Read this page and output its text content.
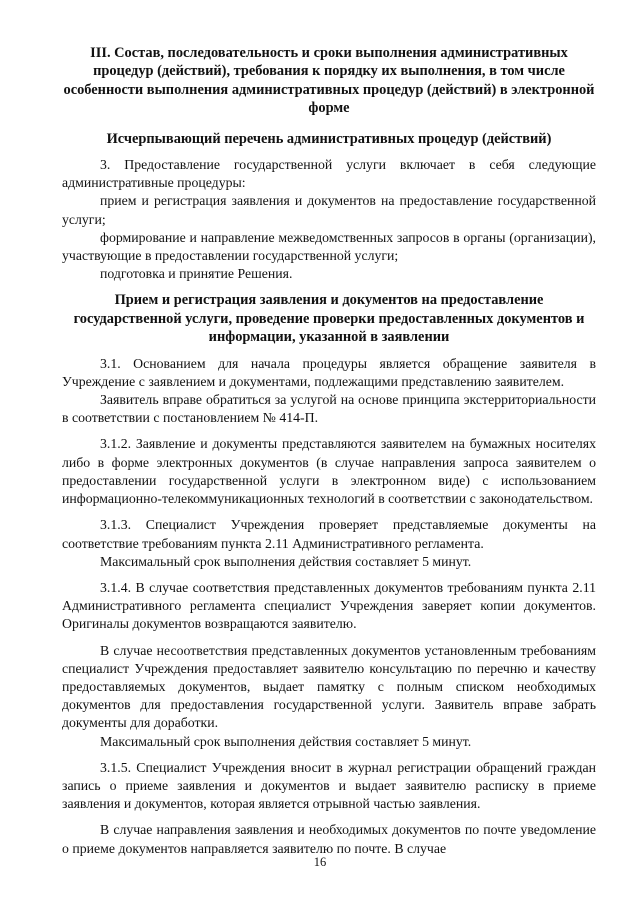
III. Состав, последовательность и сроки выполнения административных процедур (действий), требования к порядку их выполнения, в том числе особенности выполнения административных процедур (действий) в электронной форме
Исчерпывающий перечень административных процедур (действий)

3. Предоставление государственной услуги включает в себя следующие административные процедуры:

прием и регистрация заявления и документов на предоставление государственной услуги;

формирование и направление межведомственных запросов в органы (организации), участвующие в предоставлении государственной услуги;

подготовка и принятие Решения.

Прием и регистрация заявления и документов на предоставление государственной услуги, проведение проверки предоставленных документов и информации, указанной в заявлении

3.1. Основанием для начала процедуры является обращение заявителя в Учреждение с заявлением и документами, подлежащими представлению заявителем.

Заявитель вправе обратиться за услугой на основе принципа экстерриториальности в соответствии с постановлением № 414-П.

3.1.2. Заявление и документы представляются заявителем на бумажных носителях либо в форме электронных документов (в случае направления запроса заявителем о предоставлении государственной услуги в электронном виде) с использованием информационно-телекоммуникационных технологий в соответствии с законодательством.

3.1.3. Специалист Учреждения проверяет представляемые документы на соответствие требованиям пункта 2.11 Административного регламента.

Максимальный срок выполнения действия составляет 5 минут.

3.1.4. В случае соответствия представленных документов требованиям пункта 2.11 Административного регламента специалист Учреждения заверяет копии документов. Оригиналы документов возвращаются заявителю.

В случае несоответствия представленных документов установленным требованиям специалист Учреждения предоставляет заявителю консультацию по перечню и качеству предоставляемых документов, выдает памятку с полным списком необходимых документов для предоставления государственной услуги. Заявитель вправе забрать документы для доработки.

Максимальный срок выполнения действия составляет 5 минут.

3.1.5. Специалист Учреждения вносит в журнал регистрации обращений граждан запись о приеме заявления и документов и выдает заявителю расписку в приеме заявления и документов, которая является отрывной частью заявления.

В случае направления заявления и необходимых документов по почте уведомление о приеме документов направляется заявителю по почте. В случае

16
